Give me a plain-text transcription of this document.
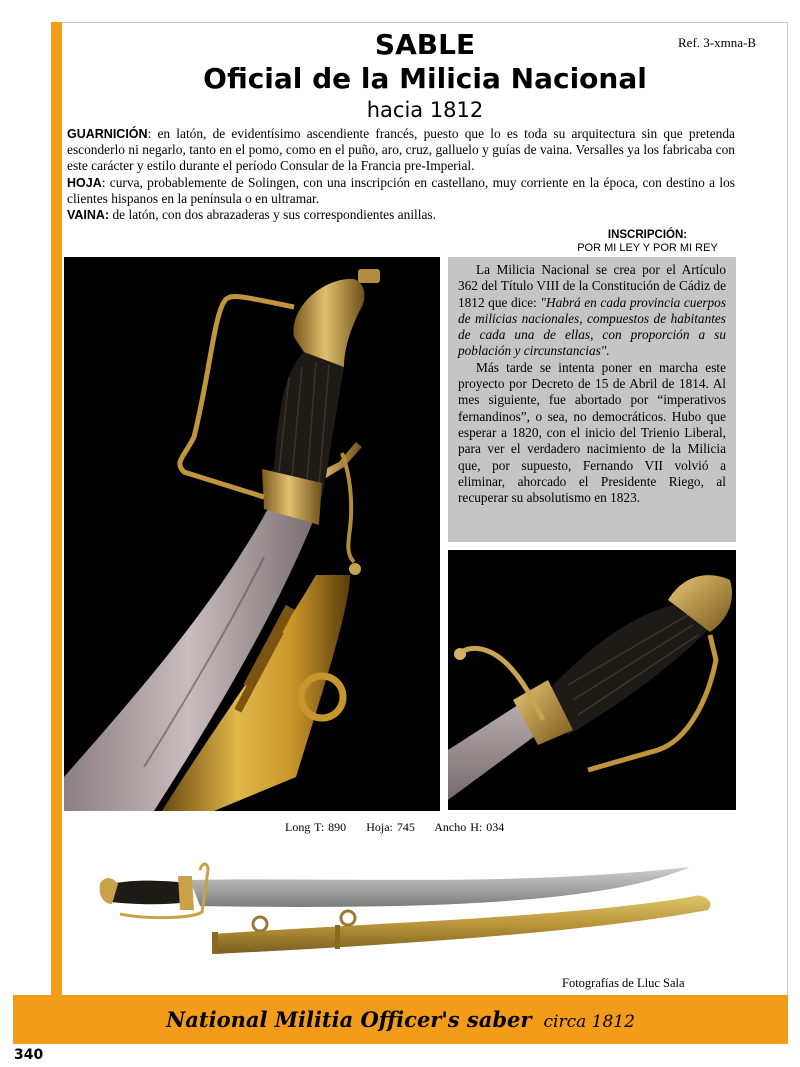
SABLE
Oficial de la Milicia Nacional
hacia 1812
Ref. 3-xmna-B

GUARNICIÓN: en latón, de evidentísimo ascendiente francés, puesto que lo es toda su arquitectura sin que pretenda esconderlo ni negarlo, tanto en el pomo, como en el puño, aro, cruz, galluelo y guías de vaina. Versalles ya los fabricaba con este carácter y estilo durante el período Consular de la Francia pre-Imperial.

HOJA: curva, probablemente de Solingen, con una inscripción en castellano, muy corriente en la época, con destino a los clientes hispanos en la península o en ultramar.

VAINA: de latón, con dos abrazaderas y sus correspondientes anillas.

INSCRIPCIÓN:
POR MI LEY Y POR MI REY

La Milicia Nacional se crea por el Artículo 362 del Título VIII de la Constitución de Cádiz de 1812 que dice: "Habrá en cada provincia cuerpos de milicias nacionales, compuestos de habitantes de cada una de ellas, con proporción a su población y circunstancias".

Más tarde se intenta poner en marcha este proyecto por Decreto de 15 de Abril de 1814. Al mes siguiente, fue abortado por “imperativos fernandinos”, o sea, no democráticos. Hubo que esperar a 1820, con el inicio del Trienio Liberal, para ver el verdadero nacimiento de la Milicia que, por supuesto, Fernando VII volvió a eliminar, ahorcado el Presidente Riego, al recuperar su absolutismo en 1823.

Long T: 890 Hoja: 745 Ancho H: 034
Fotografías de Lluc Sala
National Militia Officer's saber circa 1812
340
